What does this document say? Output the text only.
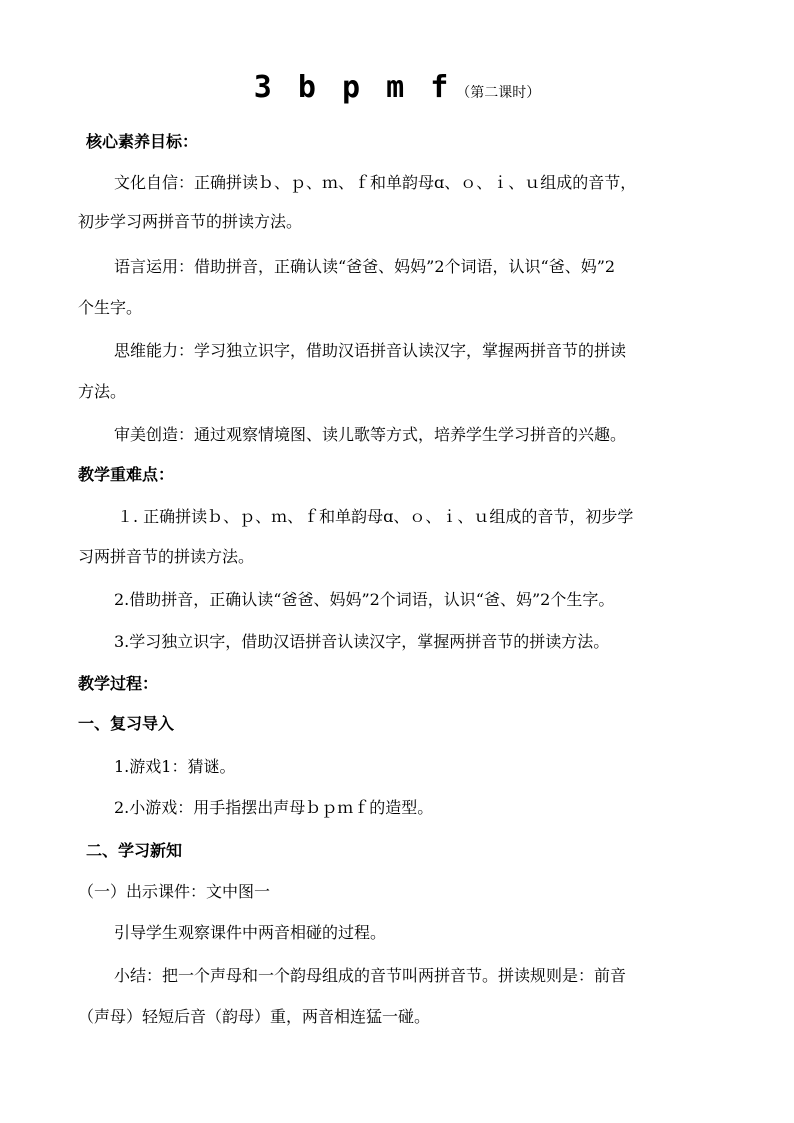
3 b p m f （第二课时）
核心素养目标：
文化自信：正确拼读ｂ、ｐ、ｍ、ｆ和单韵母ɑ、ｏ、ｉ、ｕ组成的音节，
初步学习两拼音节的拼读方法。
语言运用：借助拼音，正确认读“爸爸、妈妈”2个词语，认识“爸、妈”2
个生字。
思维能力：学习独立识字，借助汉语拼音认读汉字，掌握两拼音节的拼读
方法。
审美创造：通过观察情境图、读儿歌等方式，培养学生学习拼音的兴趣。
教学重难点：
１. 正确拼读ｂ、ｐ、ｍ、ｆ和单韵母ɑ、ｏ、ｉ、ｕ组成的音节，初步学
习两拼音节的拼读方法。
2.借助拼音，正确认读“爸爸、妈妈”2个词语，认识“爸、妈”2个生字。
3.学习独立识字，借助汉语拼音认读汉字，掌握两拼音节的拼读方法。
教学过程：
一、复习导入
1.游戏1：猜谜。
2.小游戏：用手指摆出声母ｂｐｍｆ的造型。
二、学习新知
（一）出示课件：文中图一
引导学生观察课件中两音相碰的过程。
小结：把一个声母和一个韵母组成的音节叫两拼音节。拼读规则是：前音
（声母）轻短后音（韵母）重，两音相连猛一碰。
